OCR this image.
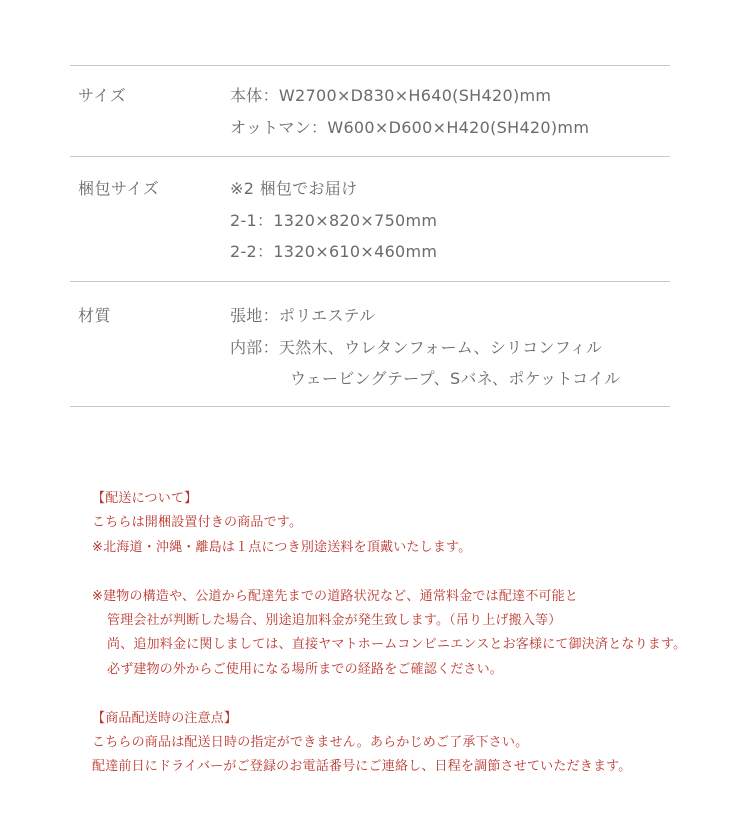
サイズ	本体：W2700×D830×H640(SH420)mm
オットマン：W600×D600×H420(SH420)mm
梱包サイズ	※2 梱包でお届け
2-1：1320×820×750mm
2-2：1320×610×460mm
材質	張地：ポリエステル
内部：天然木、ウレタンフォーム、シリコンフィル
ウェービングテープ、Sバネ、ポケットコイル
【配送について】
こちらは開梱設置付きの商品です。
※北海道・沖縄・離島は１点につき別途送料を頂戴いたします。
※建物の構造や、公道から配達先までの道路状況など、通常料金では配達不可能と
管理会社が判断した場合、別途追加料金が発生致します。（吊り上げ搬入等）
尚、追加料金に関しましては、直接ヤマトホームコンビニエンスとお客様にて御決済となります。
必ず建物の外からご使用になる場所までの経路をご確認ください。
【商品配送時の注意点】
こちらの商品は配送日時の指定ができません。あらかじめご了承下さい。
配達前日にドライバーがご登録のお電話番号にご連絡し、日程を調節させていただきます。
